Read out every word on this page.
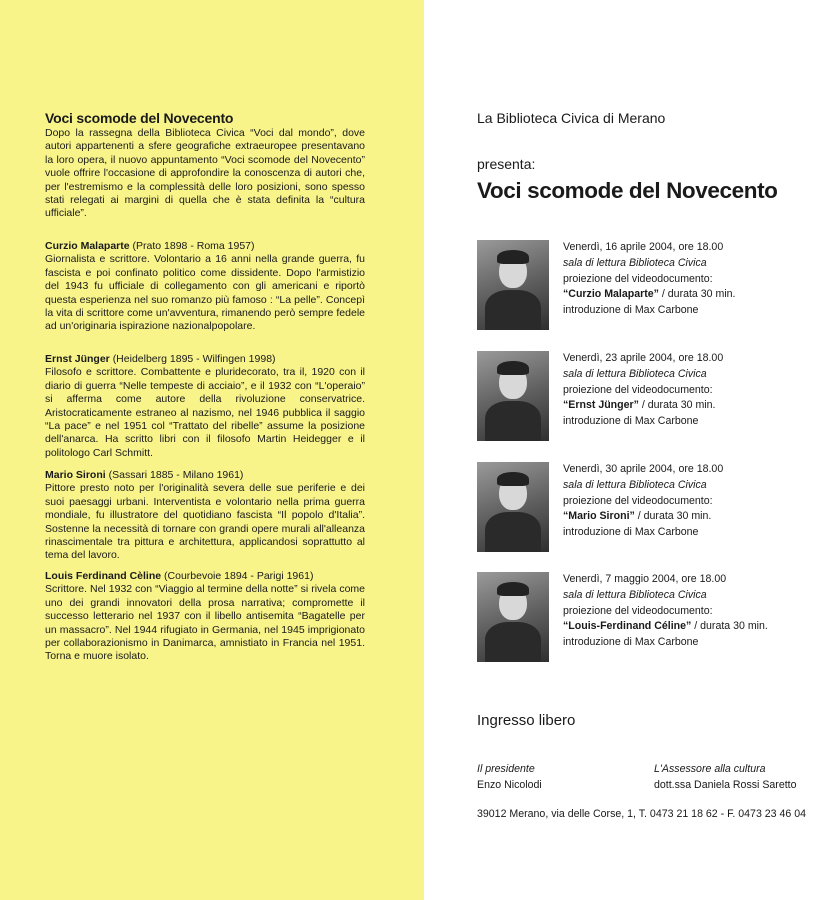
Voci scomode del Novecento
Dopo la rassegna della Biblioteca Civica “Voci dal mondo”, dove autori appartenenti a sfere geografiche extraeuropee presentavano la loro opera, il nuovo appuntamento “Voci scomode del Novecento” vuole offrire l'occasione di approfondire la conoscenza di autori che, per l'estremismo e la complessità delle loro posizioni, sono spesso stati relegati ai margini di quella che è stata definita la “cultura ufficiale”.

Curzio Malaparte (Prato 1898 - Roma 1957)

Giornalista e scrittore. Volontario a 16 anni nella grande guerra, fu fascista e poi confinato politico come dissidente. Dopo l'armistizio del 1943 fu ufficiale di collegamento con gli americani e riportò questa esperienza nel suo romanzo più famoso : “La pelle”. Concepì la vita di scrittore come un'avventura, rimanendo però sempre fedele ad un'originaria ispirazione nazionalpopolare.

Ernst Jünger (Heidelberg 1895 - Wilfingen 1998)

Filosofo e scrittore. Combattente e pluridecorato, tra il, 1920 con il diario di guerra “Nelle tempeste di acciaio”, e il 1932 con “L'operaio” si afferma come autore della rivoluzione conservatrice. Aristocraticamente estraneo al nazismo, nel 1946 pubblica il saggio “La pace” e nel 1951 col “Trattato del ribelle” assume la posizione dell'anarca. Ha scritto libri con il filosofo Martin Heidegger e il politologo Carl Schmitt.

Mario Sironi (Sassari 1885 - Milano 1961)

Pittore presto noto per l'originalità severa delle sue periferie e dei suoi paesaggi urbani. Interventista e volontario nella prima guerra mondiale, fu illustratore del quotidiano fascista “Il popolo d'Italia”. Sostenne la necessità di tornare con grandi opere murali all'alleanza rinascimentale tra pittura e architettura, applicandosi soprattutto al tema del lavoro.

Louis Ferdinand Cèline (Courbevoie 1894 - Parigi 1961)

Scrittore. Nel 1932 con “Viaggio al termine della notte” si rivela come uno dei grandi innovatori della prosa narrativa; compromette il successo letterario nel 1937 con il libello antisemita “Bagatelle per un massacro”. Nel 1944 rifugiato in Germania, nel 1945 imprigionato per collaborazionismo in Danimarca, amnistiato in Francia nel 1951. Torna e muore isolato.

La Biblioteca Civica di Merano
presenta:
Voci scomode del Novecento
Venerdì, 16 aprile 2004, ore 18.00
sala di lettura Biblioteca Civica
proiezione del videodocumento:
“Curzio Malaparte” / durata 30 min.
introduzione di Max Carbone
Venerdì, 23 aprile 2004, ore 18.00
sala di lettura Biblioteca Civica
proiezione del videodocumento:
“Ernst Jünger” / durata 30 min.
introduzione di Max Carbone
Venerdì, 30 aprile 2004, ore 18.00
sala di lettura Biblioteca Civica
proiezione del videodocumento:
“Mario Sironi” / durata 30 min.
introduzione di Max Carbone
Venerdì, 7 maggio 2004, ore 18.00
sala di lettura Biblioteca Civica
proiezione del videodocumento:
“Louis-Ferdinand Céline” / durata 30 min.
introduzione di Max Carbone
Ingresso libero
Il presidente
Enzo Nicolodi
L'Assessore alla cultura
dott.ssa Daniela Rossi Saretto
39012 Merano, via delle Corse, 1, T. 0473 21 18 62 - F. 0473 23 46 04
